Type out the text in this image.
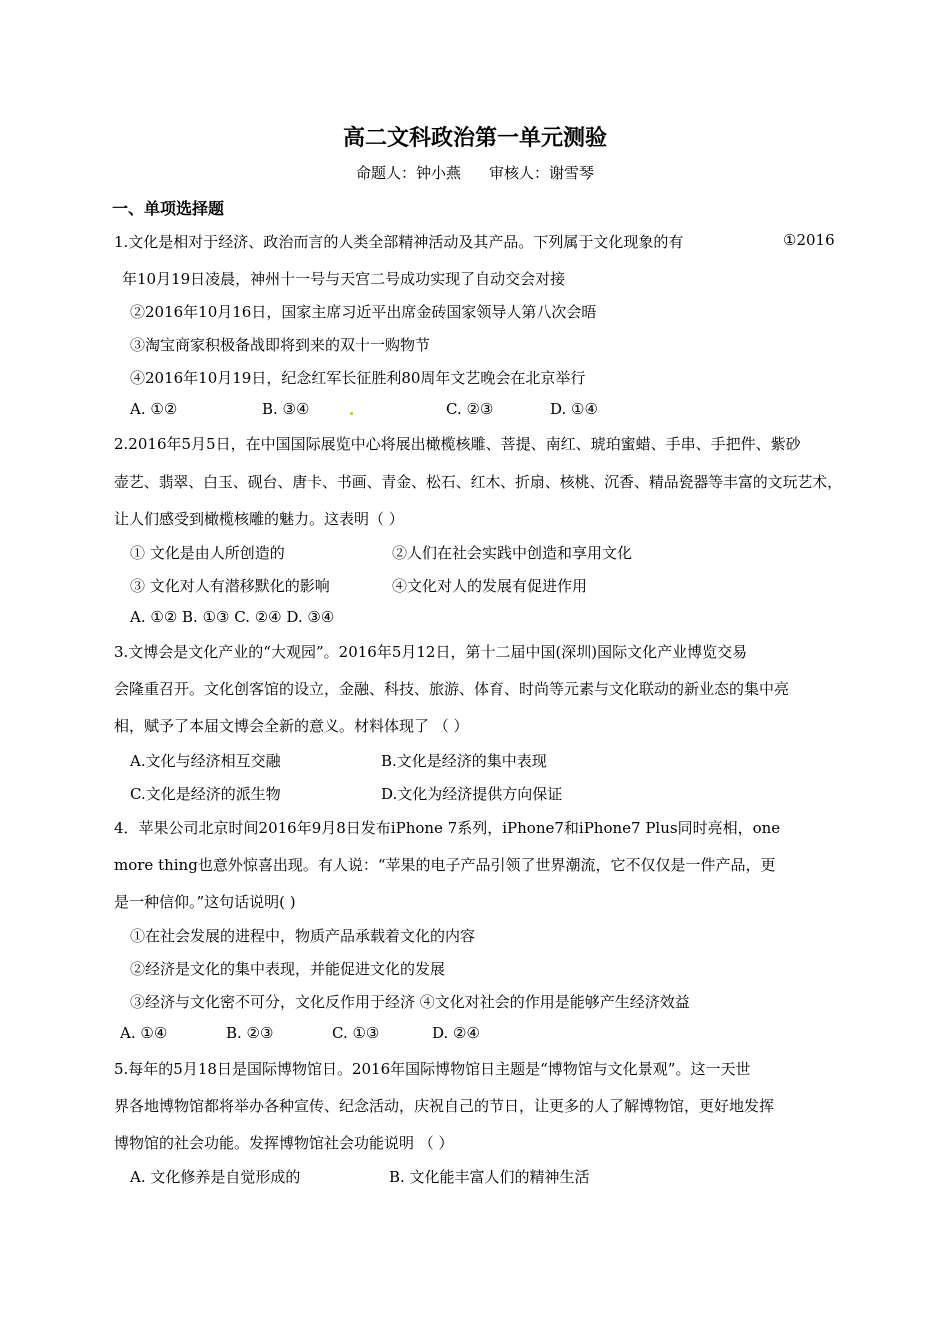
高二文科政治第一单元测验
命题人：钟小燕 审核人：谢雪琴
一、单项选择题
1.文化是相对于经济、政治而言的人类全部精神活动及其产品。下列属于文化现象的有	①2016
年10月19日凌晨，神州十一号与天宫二号成功实现了自动交会对接
②2016年10月16日，国家主席习近平出席金砖国家领导人第八次会晤
③淘宝商家积极备战即将到来的双十一购物节
④2016年10月19日，纪念红军长征胜利80周年文艺晚会在北京举行
A. ①②	B. ③④	C. ②③	D. ①④
2.2016年5月5日，在中国国际展览中心将展出橄榄核雕、菩提、南红、琥珀蜜蜡、手串、手把件、紫砂
壶艺、翡翠、白玉、砚台、唐卡、书画、青金、松石、红木、折扇、核桃、沉香、精品瓷器等丰富的文玩艺术，
让人们感受到橄榄核雕的魅力。这表明（ ）
① 文化是由人所创造的	②人们在社会实践中创造和享用文化
③ 文化对人有潜移默化的影响	④文化对人的发展有促进作用
A. ①② B. ①③ C. ②④ D. ③④
3.文博会是文化产业的“大观园”。2016年5月12日，第十二届中国(深圳)国际文化产业博览交易
会隆重召开。文化创客馆的设立，金融、科技、旅游、体育、时尚等元素与文化联动的新业态的集中亮
相，赋予了本届文博会全新的意义。材料体现了 （ ）
A.文化与经济相互交融	B.文化是经济的集中表现
C.文化是经济的派生物	D.文化为经济提供方向保证
4．苹果公司北京时间2016年9月8日发布iPhone 7系列，iPhone7和iPhone7 Plus同时亮相，one
more thing也意外惊喜出现。有人说：“苹果的电子产品引领了世界潮流，它不仅仅是一件产品，更
是一种信仰。”这句话说明( )
①在社会发展的进程中，物质产品承载着文化的内容
②经济是文化的集中表现，并能促进文化的发展
③经济与文化密不可分，文化反作用于经济 ④文化对社会的作用是能够产生经济效益
A. ①④	B. ②③	C. ①③	D. ②④
5.每年的5月18日是国际博物馆日。2016年国际博物馆日主题是“博物馆与文化景观”。这一天世
界各地博物馆都将举办各种宣传、纪念活动，庆祝自己的节日，让更多的人了解博物馆，更好地发挥
博物馆的社会功能。发挥博物馆社会功能说明 （ ）
A. 文化修养是自觉形成的	B. 文化能丰富人们的精神生活
